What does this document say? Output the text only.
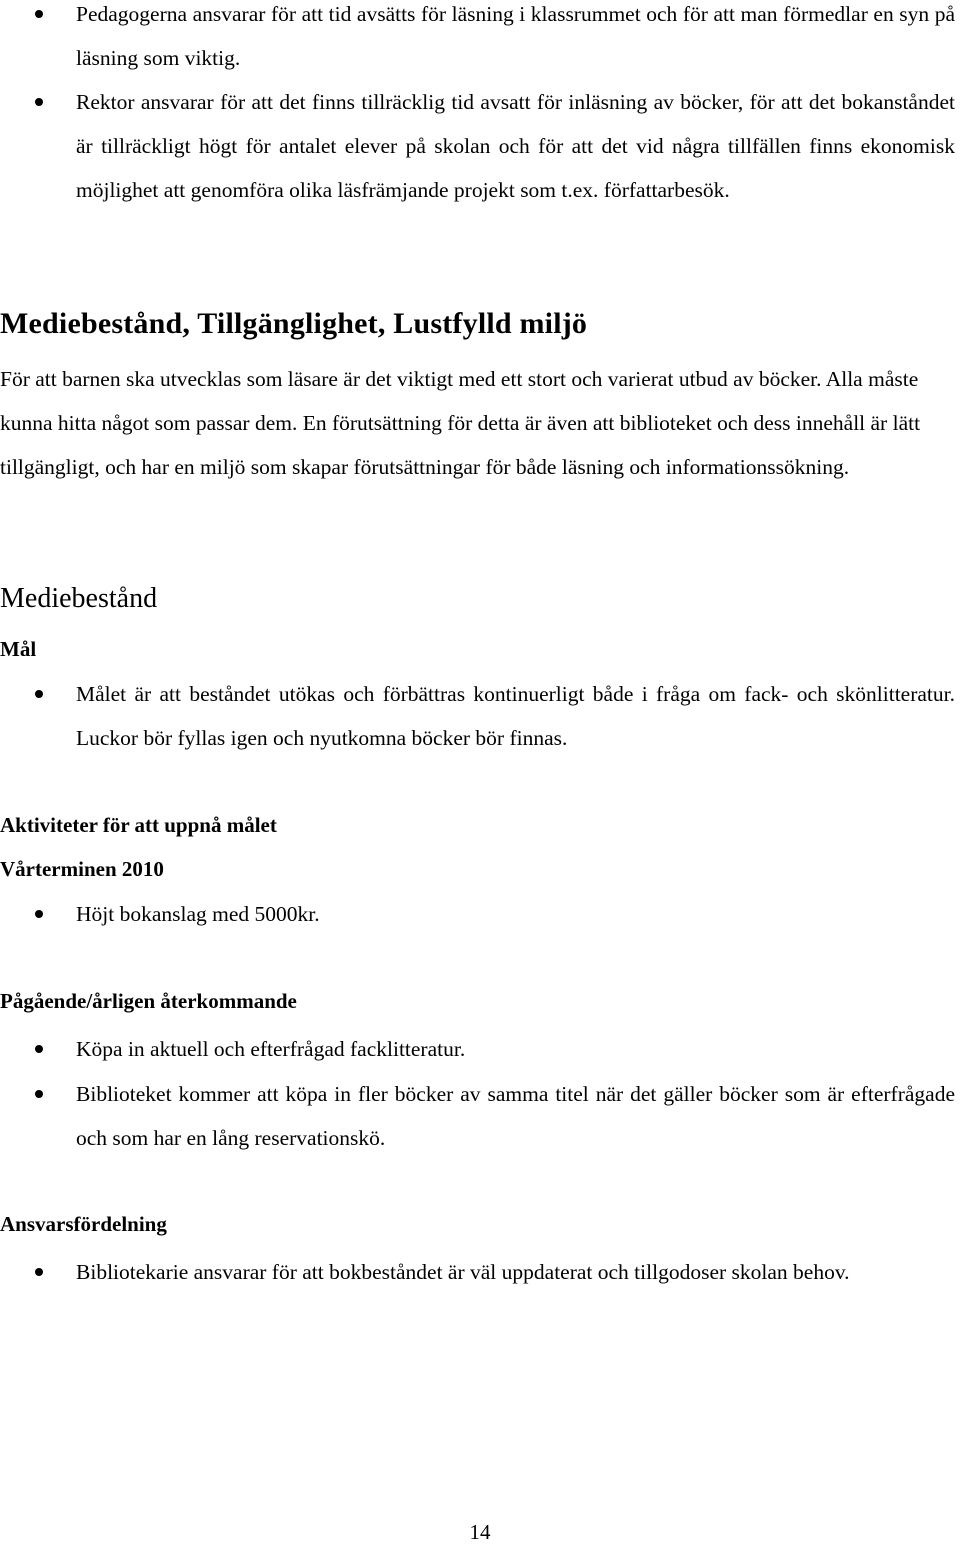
Pedagogerna ansvarar för att tid avsätts för läsning i klassrummet och för att man förmedlar en syn på läsning som viktig.
Rektor ansvarar för att det finns tillräcklig tid avsatt för inläsning av böcker, för att det bokanståndet är tillräckligt högt för antalet elever på skolan och för att det vid några tillfällen finns ekonomisk möjlighet att genomföra olika läsfrämjande projekt som t.ex. författarbesök.
Mediebestånd, Tillgänglighet, Lustfylld miljö
För att barnen ska utvecklas som läsare är det viktigt med ett stort och varierat utbud av böcker. Alla måste kunna hitta något som passar dem. En förutsättning för detta är även att biblioteket och dess innehåll är lätt tillgängligt, och har en miljö som skapar förutsättningar för både läsning och informationssökning.
Mediebestånd
Mål
Målet är att beståndet utökas och förbättras kontinuerligt både i fråga om fack- och skönlitteratur. Luckor bör fyllas igen och nyutkomna böcker bör finnas.
Aktiviteter för att uppnå målet
Vårterminen 2010
Höjt bokanslag med 5000kr.
Pågående/årligen återkommande
Köpa in aktuell och efterfrågad facklitteratur.
Biblioteket kommer att köpa in fler böcker av samma titel när det gäller böcker som är efterfrågade och som har en lång reservationskö.
Ansvarsfördelning
Bibliotekarie ansvarar för att bokbeståndet är väl uppdaterat och tillgodoser skolan behov.
14
